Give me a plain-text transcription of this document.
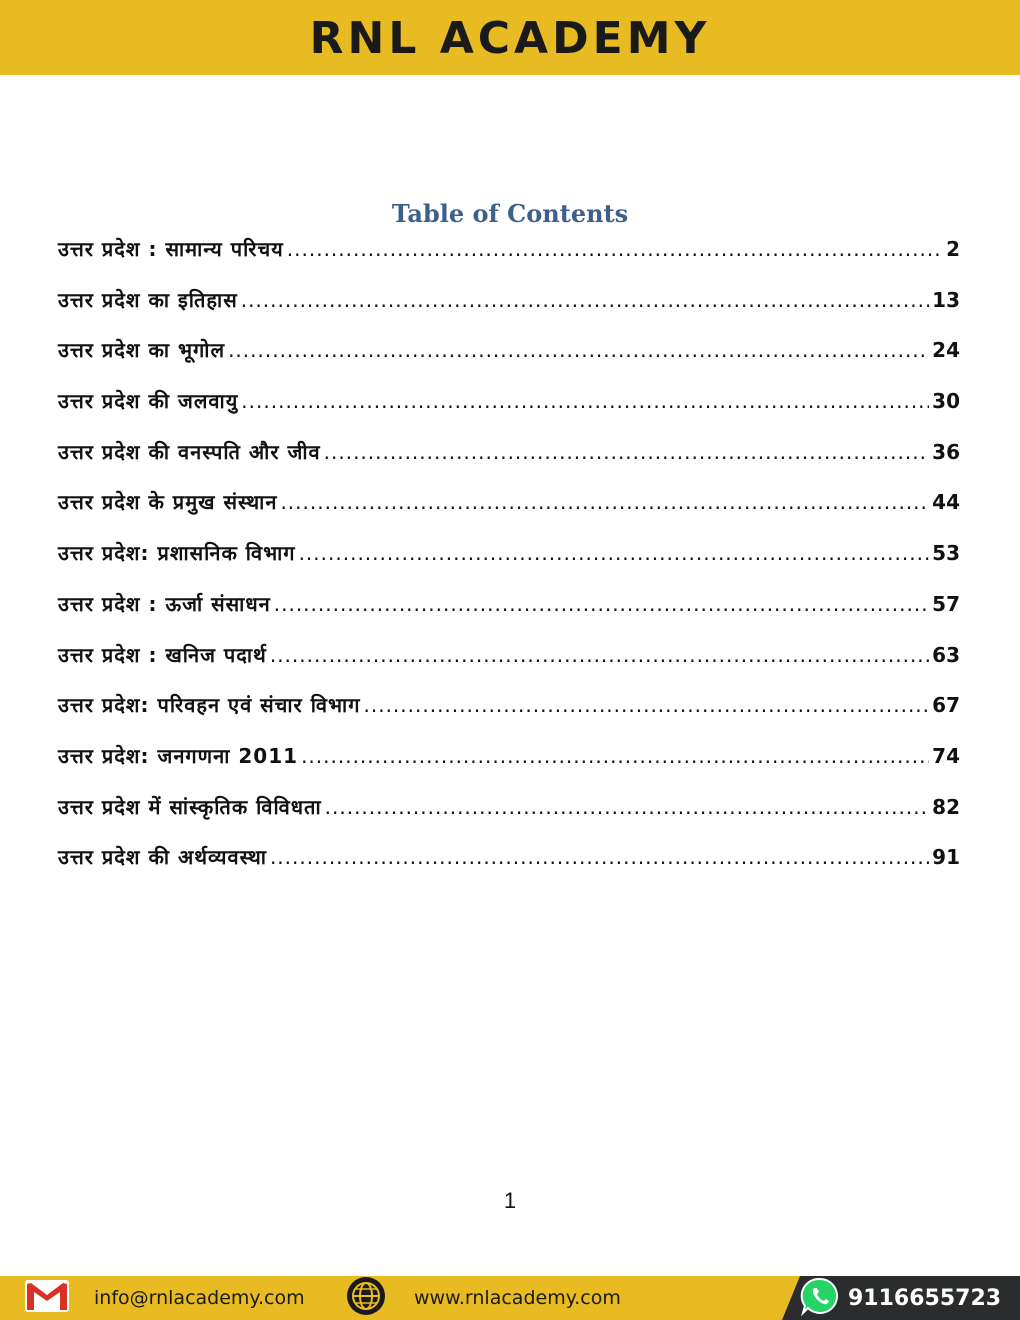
RNL ACADEMY
Table of Contents
उत्तर प्रदेश : सामान्य परिचय .....	2
उत्तर प्रदेश का इतिहास .....	13
उत्तर प्रदेश का भूगोल .....	24
उत्तर प्रदेश की जलवायु .....	30
उत्तर प्रदेश की वनस्पति और जीव .....	36
उत्तर प्रदेश के प्रमुख संस्थान .....	44
उत्तर प्रदेश: प्रशासनिक विभाग .....	53
उत्तर प्रदेश : ऊर्जा संसाधन .....	57
उत्तर प्रदेश : खनिज पदार्थ .....	63
उत्तर प्रदेश: परिवहन एवं संचार विभाग .....	67
उत्तर प्रदेश: जनगणना 2011 .....	74
उत्तर प्रदेश में सांस्कृतिक विविधता .....	82
उत्तर प्रदेश की अर्थव्यवस्था .....	91
1
info@rnlacademy.com	www.rnlacademy.com	9116655723
